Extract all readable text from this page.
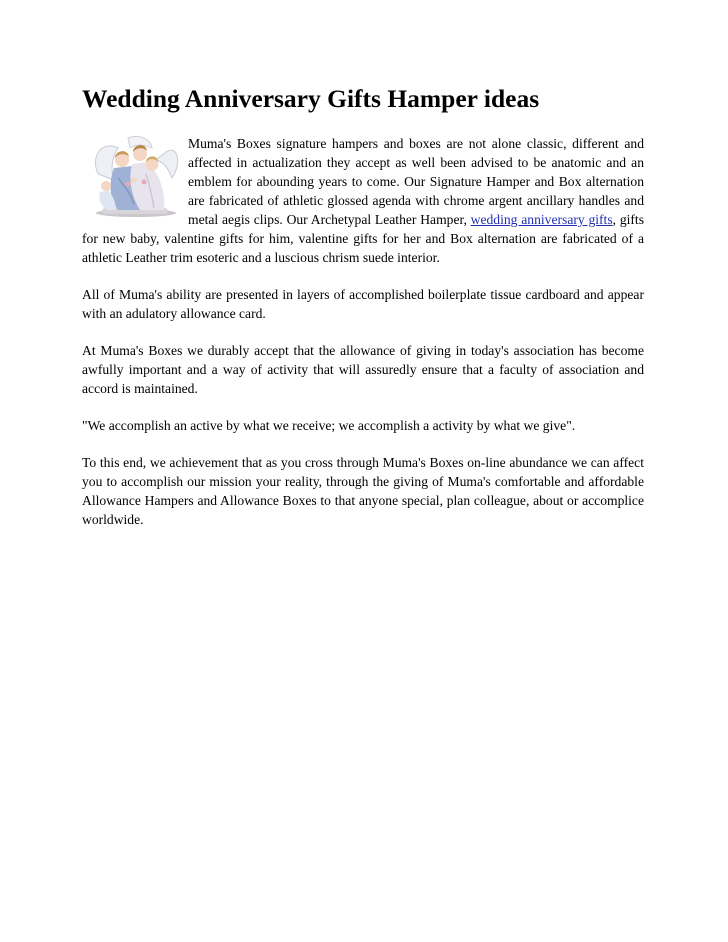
Wedding Anniversary Gifts Hamper ideas

Muma's Boxes signature hampers and boxes are not alone classic, different and affected in actualization they accept as well been advised to be anatomic and an emblem for abounding years to come. Our Signature Hamper and Box alternation are fabricated of athletic glossed agenda with chrome argent ancillary handles and metal aegis clips. Our Archetypal Leather Hamper, wedding anniversary gifts, gifts for new baby, valentine gifts for him, valentine gifts for her and Box alternation are fabricated of a athletic Leather trim esoteric and a luscious chrism suede interior.

All of Muma's ability are presented in layers of accomplished boilerplate tissue cardboard and appear with an adulatory allowance card.

At Muma's Boxes we durably accept that the allowance of giving in today's association has become awfully important and a way of activity that will assuredly ensure that a faculty of association and accord is maintained.

"We accomplish an active by what we receive; we accomplish a activity by what we give".

To this end, we achievement that as you cross through Muma's Boxes on-line abundance we can affect you to accomplish our mission your reality, through the giving of Muma's comfortable and affordable Allowance Hampers and Allowance Boxes to that anyone special, plan colleague, about or accomplice worldwide.
